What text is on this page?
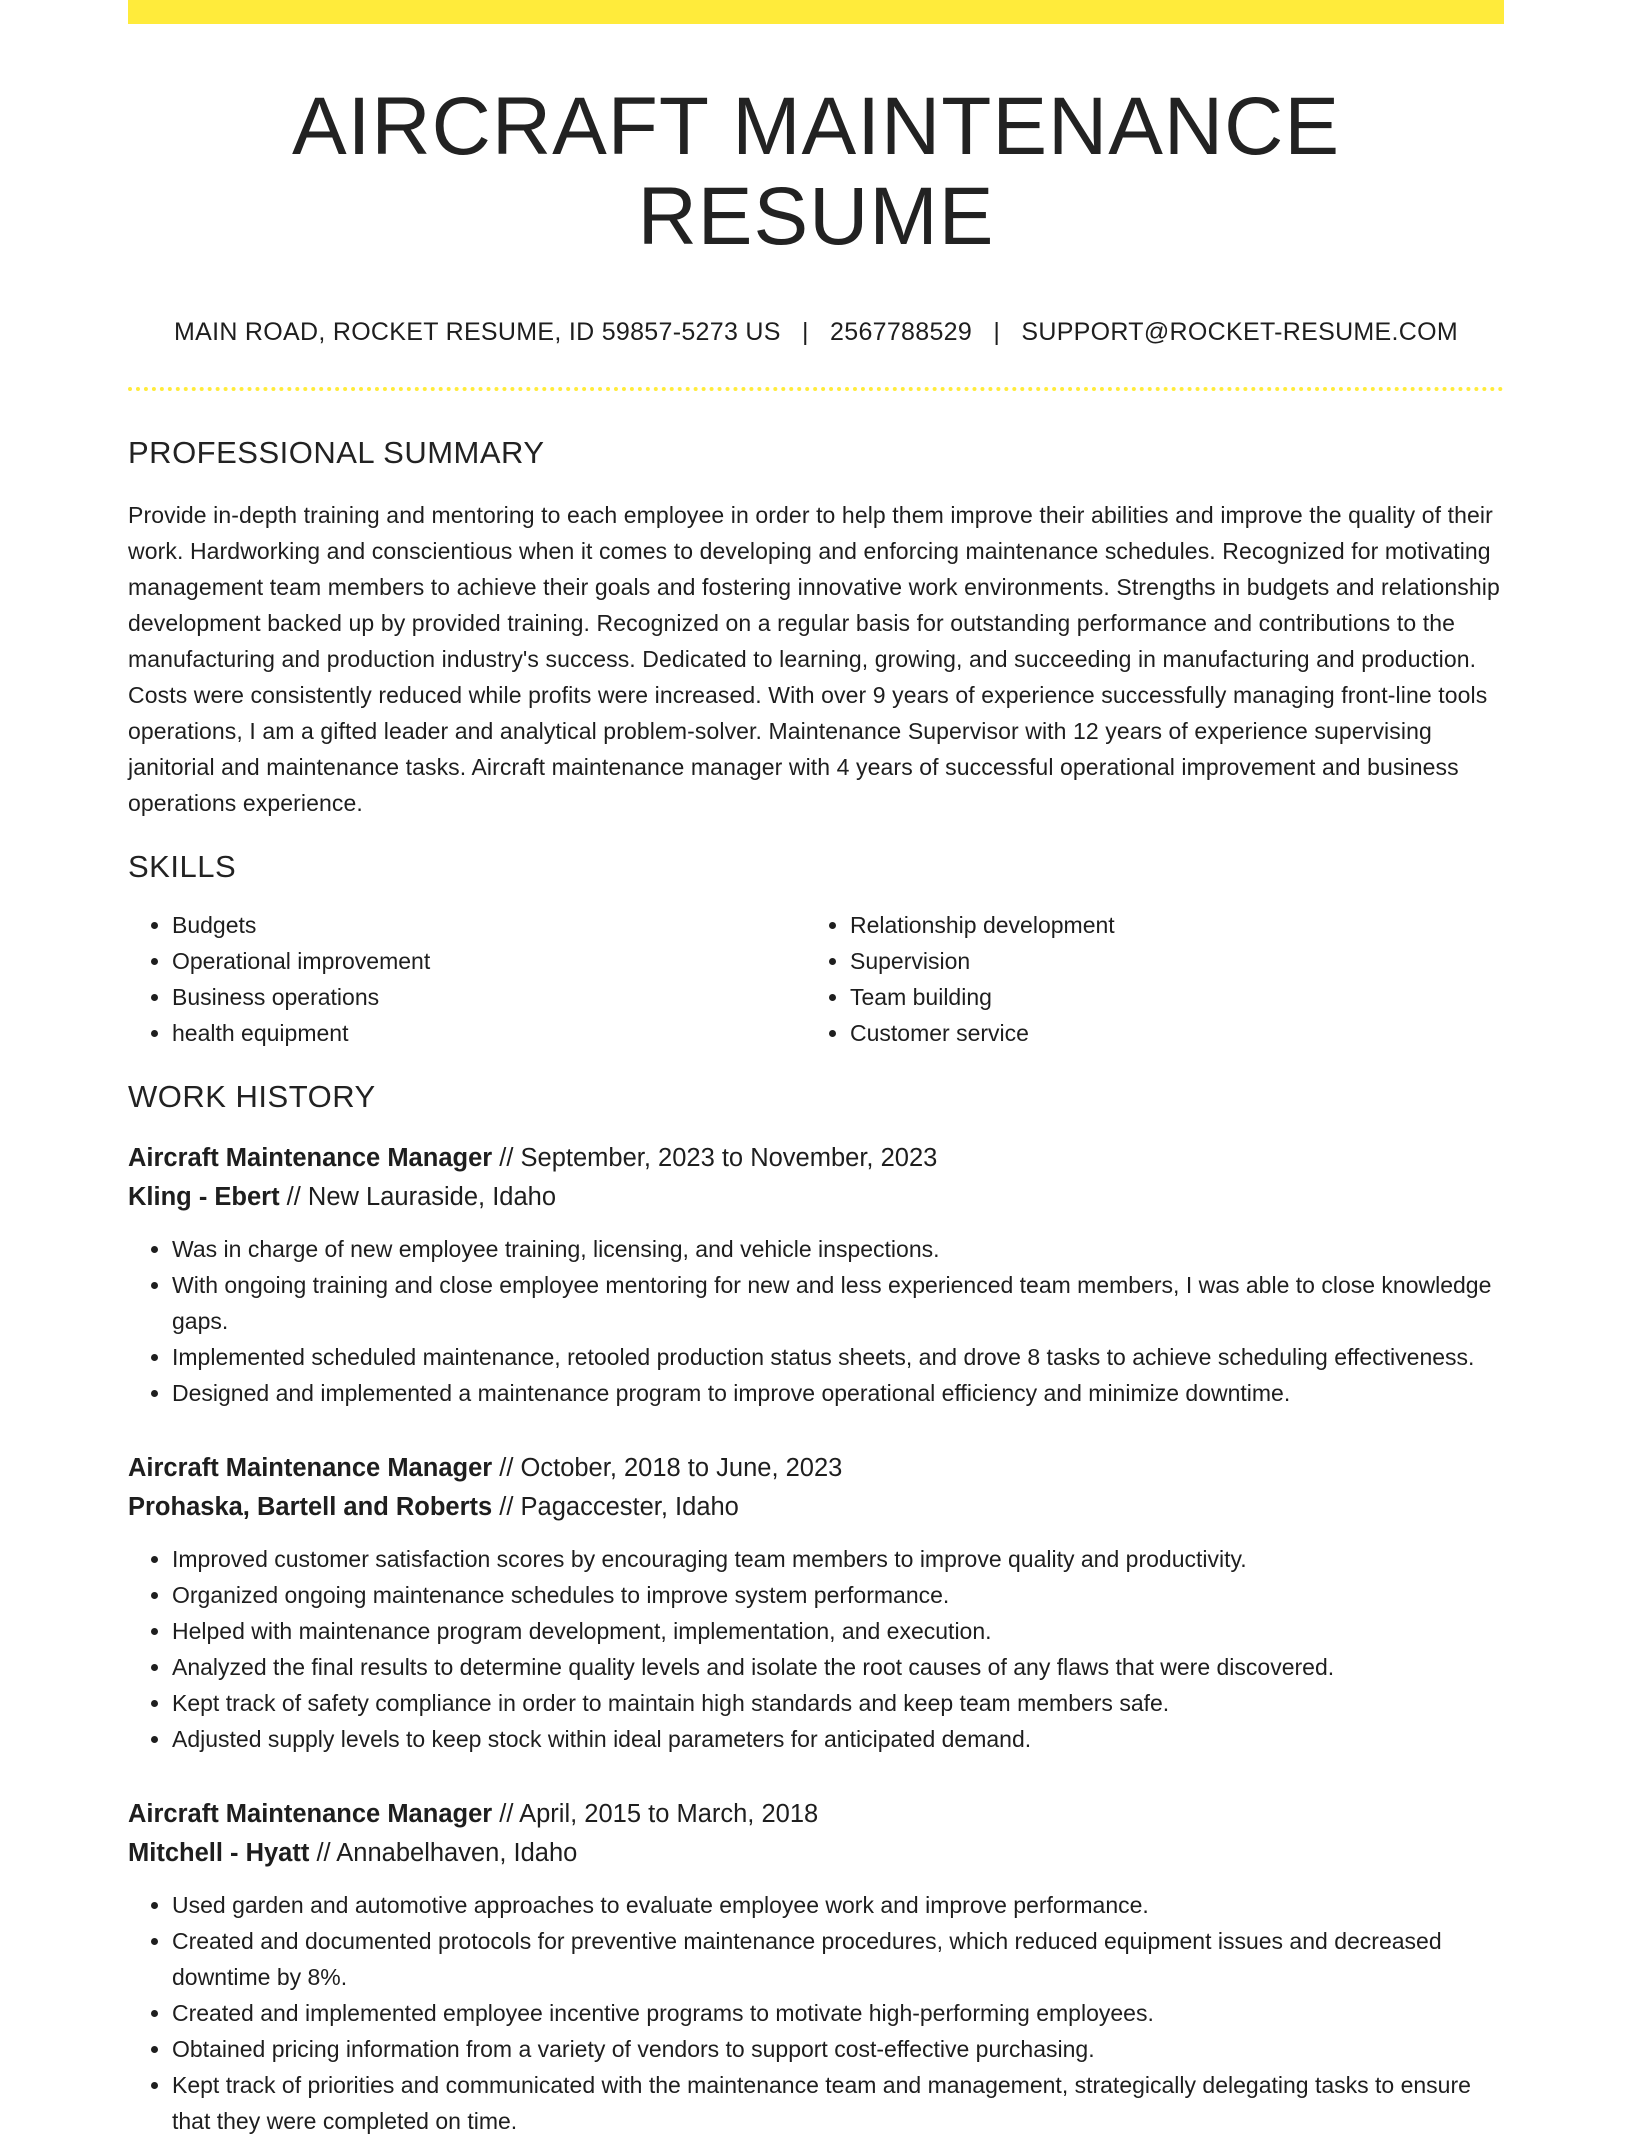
AIRCRAFT MAINTENANCE RESUME
MAIN ROAD, ROCKET RESUME, ID 59857-5273 US | 2567788529 | SUPPORT@ROCKET-RESUME.COM
PROFESSIONAL SUMMARY

Provide in-depth training and mentoring to each employee in order to help them improve their abilities and improve the quality of their work. Hardworking and conscientious when it comes to developing and enforcing maintenance schedules. Recognized for motivating management team members to achieve their goals and fostering innovative work environments. Strengths in budgets and relationship development backed up by provided training. Recognized on a regular basis for outstanding performance and contributions to the manufacturing and production industry's success. Dedicated to learning, growing, and succeeding in manufacturing and production. Costs were consistently reduced while profits were increased. With over 9 years of experience successfully managing front-line tools operations, I am a gifted leader and analytical problem-solver. Maintenance Supervisor with 12 years of experience supervising janitorial and maintenance tasks. Aircraft maintenance manager with 4 years of successful operational improvement and business operations experience.

SKILLS
• Budgets
• Operational improvement
• Business operations
• health equipment
• Relationship development
• Supervision
• Team building
• Customer service
WORK HISTORY
Aircraft Maintenance Manager // September, 2023 to November, 2023
Kling - Ebert // New Lauraside, Idaho
• Was in charge of new employee training, licensing, and vehicle inspections.
• With ongoing training and close employee mentoring for new and less experienced team members, I was able to close knowledge gaps.
• Implemented scheduled maintenance, retooled production status sheets, and drove 8 tasks to achieve scheduling effectiveness.
• Designed and implemented a maintenance program to improve operational efficiency and minimize downtime.
Aircraft Maintenance Manager // October, 2018 to June, 2023
Prohaska, Bartell and Roberts // Pagaccester, Idaho
• Improved customer satisfaction scores by encouraging team members to improve quality and productivity.
• Organized ongoing maintenance schedules to improve system performance.
• Helped with maintenance program development, implementation, and execution.
• Analyzed the final results to determine quality levels and isolate the root causes of any flaws that were discovered.
• Kept track of safety compliance in order to maintain high standards and keep team members safe.
• Adjusted supply levels to keep stock within ideal parameters for anticipated demand.
Aircraft Maintenance Manager // April, 2015 to March, 2018
Mitchell - Hyatt // Annabelhaven, Idaho
• Used garden and automotive approaches to evaluate employee work and improve performance.
• Created and documented protocols for preventive maintenance procedures, which reduced equipment issues and decreased downtime by 8%.
• Created and implemented employee incentive programs to motivate high-performing employees.
• Obtained pricing information from a variety of vendors to support cost-effective purchasing.
• Kept track of priorities and communicated with the maintenance team and management, strategically delegating tasks to ensure that they were completed on time.
